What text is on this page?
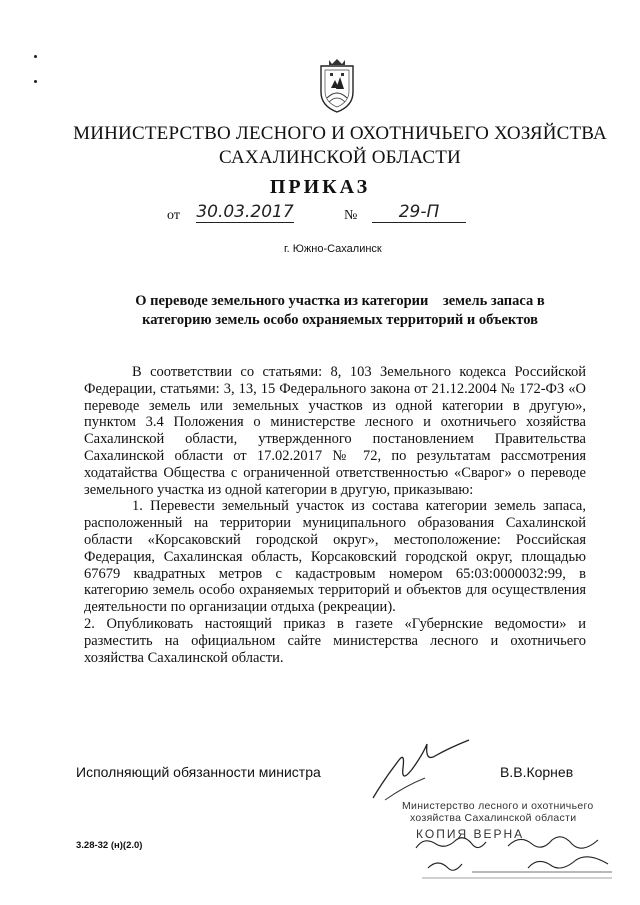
МИНИСТЕРСТВО ЛЕСНОГО И ОХОТНИЧЬЕГО ХОЗЯЙСТВА
САХАЛИНСКОЙ ОБЛАСТИ
ПРИКАЗ
от 30.03.2017	№	29-П
г. Южно-Сахалинск
О переводе земельного участка из категории    земель запаса в
категорию земель особо охраняемых территорий и объектов

В соответствии со статьями: 8, 103 Земельного кодекса Российской Федерации, статьями: 3, 13, 15 Федерального закона от 21.12.2004 № 172-ФЗ «О переводе земель или земельных участков из одной категории в другую», пунктом 3.4 Положения о министерстве лесного и охотничьего хозяйства Сахалинской области, утвержденного постановлением Правительства Сахалинской области от 17.02.2017 № 72, по результатам рассмотрения ходатайства Общества с ограниченной ответственностью «Сварог» о переводе земельного участка из одной категории в другую, приказываю:

1. Перевести земельный участок из состава категории земель запаса, расположенный на территории муниципального образования Сахалинской области «Корсаковский городской округ», местоположение: Российская Федерация, Сахалинская область, Корсаковский городской округ, площадью 67679 квадратных метров с кадастровым номером 65:03:0000032:99, в категорию земель особо охраняемых территорий и объектов для осуществления деятельности по организации отдыха (рекреации).

2. Опубликовать настоящий приказ в газете «Губернские ведомости» и разместить на официальном сайте министерства лесного и охотничьего хозяйства Сахалинской области.

Исполняющий обязанности министра	В.В.Корнев
Министерство лесного и охотничьего
хозяйства Сахалинской области
КОПИЯ ВЕРНА
3.28-32 (н)(2.0)
